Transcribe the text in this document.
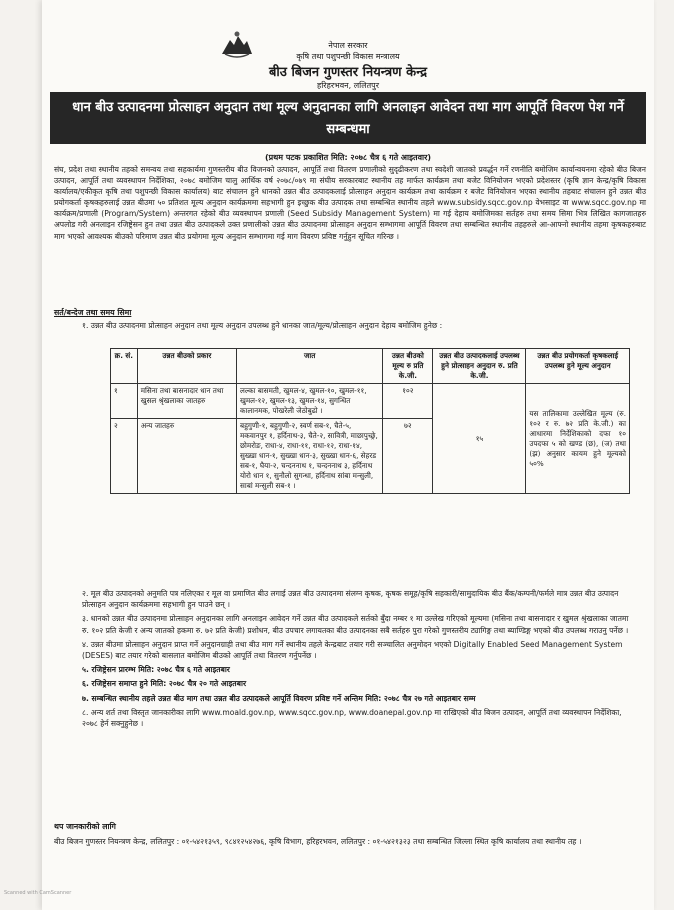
नेपाल सरकार
कृषि तथा पशुपन्छी विकास मन्त्रालय
बीउ बिजन गुणस्तर नियन्त्रण केन्द्र
हरिहरभवन, ललितपुर
धान बीउ उत्पादनमा प्रोत्साहन अनुदान तथा मूल्य अनुदानका लागि अनलाइन आवेदन तथा माग आपूर्ति विवरण पेश गर्ने सम्बन्धमा
(प्रथम पटक प्रकाशित मिति: २०७८ चैत्र ६ गते आइतवार)
संघ, प्रदेश तथा स्थानीय तहको समन्वय तथा सहकार्यमा गुणस्तरीय बीउ विजनको उत्पादन, आपूर्ति तथा वितरण प्रणालीको सुदृढीकरण तथा स्वदेशी जातको प्रवर्द्धन गर्ने रणनीति बमोजिम कार्यान्वयनमा रहेको बीउ बिजन उत्पादन, आपूर्ति तथा व्यवस्थापन निर्देशिका, २०७८ बमोजिम चालु आर्थिक वर्ष २०७८/०७९ मा संघीय सरकारबाट स्थानीय तह मार्फत कार्यक्रम तथा बजेट विनियोजन भएको प्रदेशस्तर (कृषि ज्ञान केन्द्र/कृषि विकास कार्यालय/एकीकृत कृषि तथा पशुपन्छी विकास कार्यालय) बाट संचालन हुने धानको उन्नत बीउ उत्पादकलाई प्रोत्साहन अनुदान कार्यक्रम तथा कार्यक्रम र बजेट विनियोजन भएका स्थानीय तहबाट संचालन हुने उन्नत बीउ प्रयोगकर्ता कृषकहरुलाई उन्नत बीउमा ५० प्रतिशत मूल्य अनुदान कार्यक्रममा सहभागी हुन इच्छुक बीउ उत्पादक तथा सम्बन्धित स्थानीय तहले www.subsidy.sqcc.gov.np वेभसाइट वा www.sqcc.gov.np मा कार्यक्रम/प्रणाली (Program/System) अन्तरगत रहेको बीउ व्यवस्थापन प्रणाली (Seed Subsidy Management System) मा गई देहाय बमोजिमका सर्तहरु तथा समय सिमा भित्र लिखित कागजातहरु अपलोड गरी अनलाइन रजिष्ट्रेसन हुन तथा उन्नत बीउ उत्पादकले उक्त प्रणालीको उन्नत बीउ उत्पादनमा प्रोत्साहन अनुदान सम्भागमा आपूर्ति विवरण तथा सम्बन्धित स्थानीय तहहरुले आ-आफ्नो स्थानीय तहमा कृषकहरुबाट माग भएको आवश्यक बीउको परिमाण उन्नत बीउ प्रयोगमा मूल्य अनुदान सम्भागमा गई माग विवरण प्रविष्ट गर्नुहुन सूचित गरिन्छ ।
सर्त/बन्देज तथा समय सिमा
१. उन्नत बीउ उत्पादनमा प्रोत्साहन अनुदान तथा मूल्य अनुदान उपलब्ध हुने धानका जात/मूल्य/प्रोत्साहन अनुदान देहाय बमोजिम हुनेछ :
क्र. सं.	उन्नत बीउको प्रकार	जात	उन्नत बीउको मूल्य रु प्रति के.जी.	उन्नत बीउ उत्पादकलाई उपलब्ध हुने प्रोत्साहन अनुदान रु. प्रति के.जी.	उन्नत बीउ प्रयोगकर्ता कृषकलाई उपलब्ध हुने मूल्य अनुदान
१	मसिना तथा बासनादार धान तथा खुसल श्रृंखलाका जातहरु	लल्का बासमती, खुमल-४, खुमल-१०, खुमल-११, खुमल-१२, खुमल-१३, खुमल-१४, सुगन्धित कालानमक, पोखरेली जेठोबुढो ।	१०२	१५	यस तालिकामा उल्लेखित मूल्य (रु. १०२ र रु. ७२ प्रति के.जी.) का आधारमा निर्देशिकाको दफा १० उपदफा ५ को खण्ड (छ), (ज) तथा (झ) अनुसार कायम हुने मूल्यको ५०%
२	अन्य जातहरु	बहुगुणी-१, बहुगुणी-२, स्वर्ण सब-१, चैते-५, मकवानपुर १, हर्दिनाथ-३, चैते-२, सावित्री, माछापुच्छ्रे, छोमरोङ, राधा-४, राधा-११, राधा-१२, राधा-१४, सुख्खा धान-१, सुख्खा धान-३, सुख्खा धान-६, सेहरड सब-१, घैया-२, चन्दननाथ १, चन्दननाथ ३, हर्दिनाथ योरो धान १, सुनौलो सुगन्धा, हर्दिनाथ सांबा मन्सुली, साबां मन्सुली सब-१ ।	७२		
२. मूल बीउ उत्पादनको अनुमति पत्र नलिएका र मूल वा प्रमाणित बीउ लगाई उन्नत बीउ उत्पादनमा संलग्न कृषक, कृषक समूह/कृषि सहकारी/सामुदायिक बीउ बैंक/कम्पनी/फर्मले मात्र उन्नत बीउ उत्पादन प्रोत्साहन अनुदान कार्यक्रममा सहभागी हुन पाउने छन् ।
३. धानको उन्नत बीउ उत्पादनमा प्रोत्साहन अनुदानका लागि अनलाइन आवेदन गर्ने उन्नत बीउ उत्पादकले सर्तको बुँदा नम्बर १ मा उल्लेख गरिएको मूल्यमा (मसिना तथा बासनादार र खुमल श्रृंखलाका जातमा रु. १०२ प्रति केजी र अन्य जातको हकमा रु. ७२ प्रति केजी) प्रशोधन, बीउ उपचार लगायतका बीउ उत्पादनका सबै सर्तहरु पुरा गरेको गुणस्तरीय ट्यागिङ्ग तथा ब्याण्डिङ्ग भएको बीउ उपलब्ध गराउनु पर्नेछ ।
४. उन्नत बीउमा प्रोत्साहन अनुदान प्राप्त गर्ने अनुदानग्राही तथा बीउ माग गर्ने स्थानीय तहले केन्द्रबाट तयार गरी सञ्चालित अनुमोदन भएको Digitally Enabled Seed Management System (DESES) बाट तयार गरेको बासलात बमोजिम बीउको आपूर्ति तथा वितरण गर्नुपर्नेछ ।
५. रजिष्ट्रेसन प्रारम्भ मिति: २०७८ चैत्र ६ गते आइतबार
६. रजिष्ट्रेसन समाप्त हुने मिति: २०७८ चैत्र २० गते आइतबार
७. सम्बन्धित स्थानीय तहले उन्नत बीउ माग तथा उन्नत बीउ उत्पादकले आपूर्ति विवरण प्रविष्ट गर्ने अन्तिम मिति: २०७८ चैत्र २७ गते आइतबार सम्म
८. अन्य शर्त तथा विस्तृत जानकारीका लागि www.moald.gov.np, www.sqcc.gov.np, www.doanepal.gov.np मा राखिएको बीउ बिजन उत्पादन, आपूर्ति तथा व्यवस्थापन निर्देशिका, २०७८ हेर्न सक्नुहुनेछ ।
थप जानकारीको लागि
बीउ बिजन गुणस्तर नियन्त्रण केन्द्र, ललितपुर : ०१-५४२१३५९, ९८४१२५४२७६, कृषि विभाग, हरिहरभवन, ललितपुर : ०१-५४२१३२३ तथा सम्बन्धित जिल्ला स्थित कृषि कार्यालय तथा स्थानीय तह ।
Scanned with CamScanner
